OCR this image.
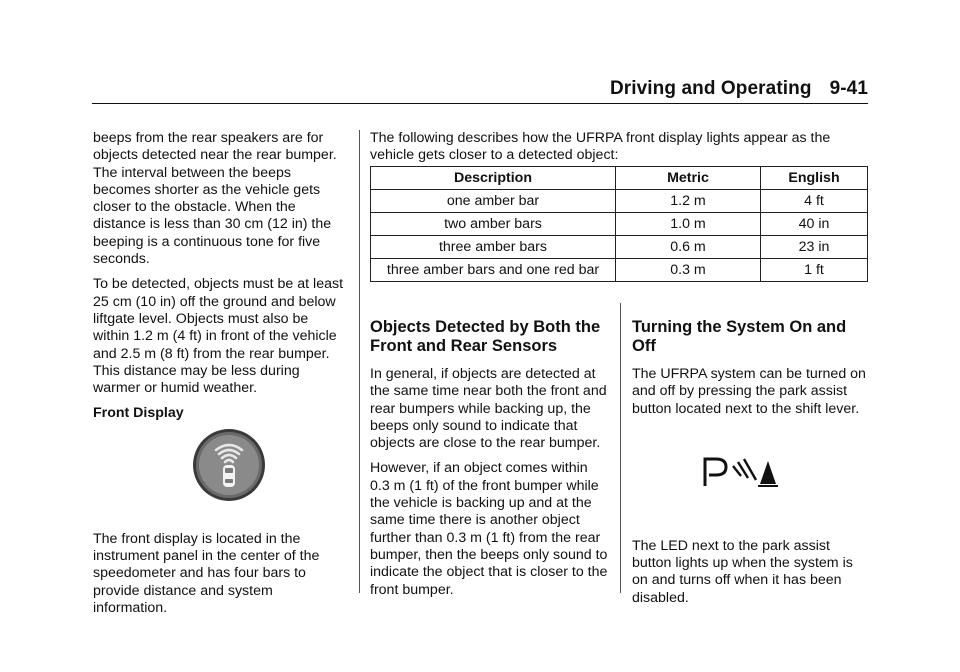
Driving and Operating 9-41

beeps from the rear speakers are for objects detected near the rear bumper. The interval between the beeps becomes shorter as the vehicle gets closer to the obstacle. When the distance is less than 30 cm (12 in) the beeping is a continuous tone for five seconds.

To be detected, objects must be at least 25 cm (10 in) off the ground and below liftgate level. Objects must also be within 1.2 m (4 ft) in front of the vehicle and 2.5 m (8 ft) from the rear bumper. This distance may be less during warmer or humid weather.

Front Display

The front display is located in the instrument panel in the center of the speedometer and has four bars to provide distance and system information.

The following describes how the UFRPA front display lights appear as the vehicle gets closer to a detected object:

Description	Metric	English
one amber bar	1.2 m	4 ft
two amber bars	1.0 m	40 in
three amber bars	0.6 m	23 in
three amber bars and one red bar	0.3 m	1 ft
Objects Detected by Both the Front and Rear Sensors

In general, if objects are detected at the same time near both the front and rear bumpers while backing up, the beeps only sound to indicate that objects are close to the rear bumper.

However, if an object comes within 0.3 m (1 ft) of the front bumper while the vehicle is backing up and at the same time there is another object further than 0.3 m (1 ft) from the rear bumper, then the beeps only sound to indicate the object that is closer to the front bumper.

Turning the System On and Off

The UFRPA system can be turned on and off by pressing the park assist button located next to the shift lever.

The LED next to the park assist button lights up when the system is on and turns off when it has been disabled.
